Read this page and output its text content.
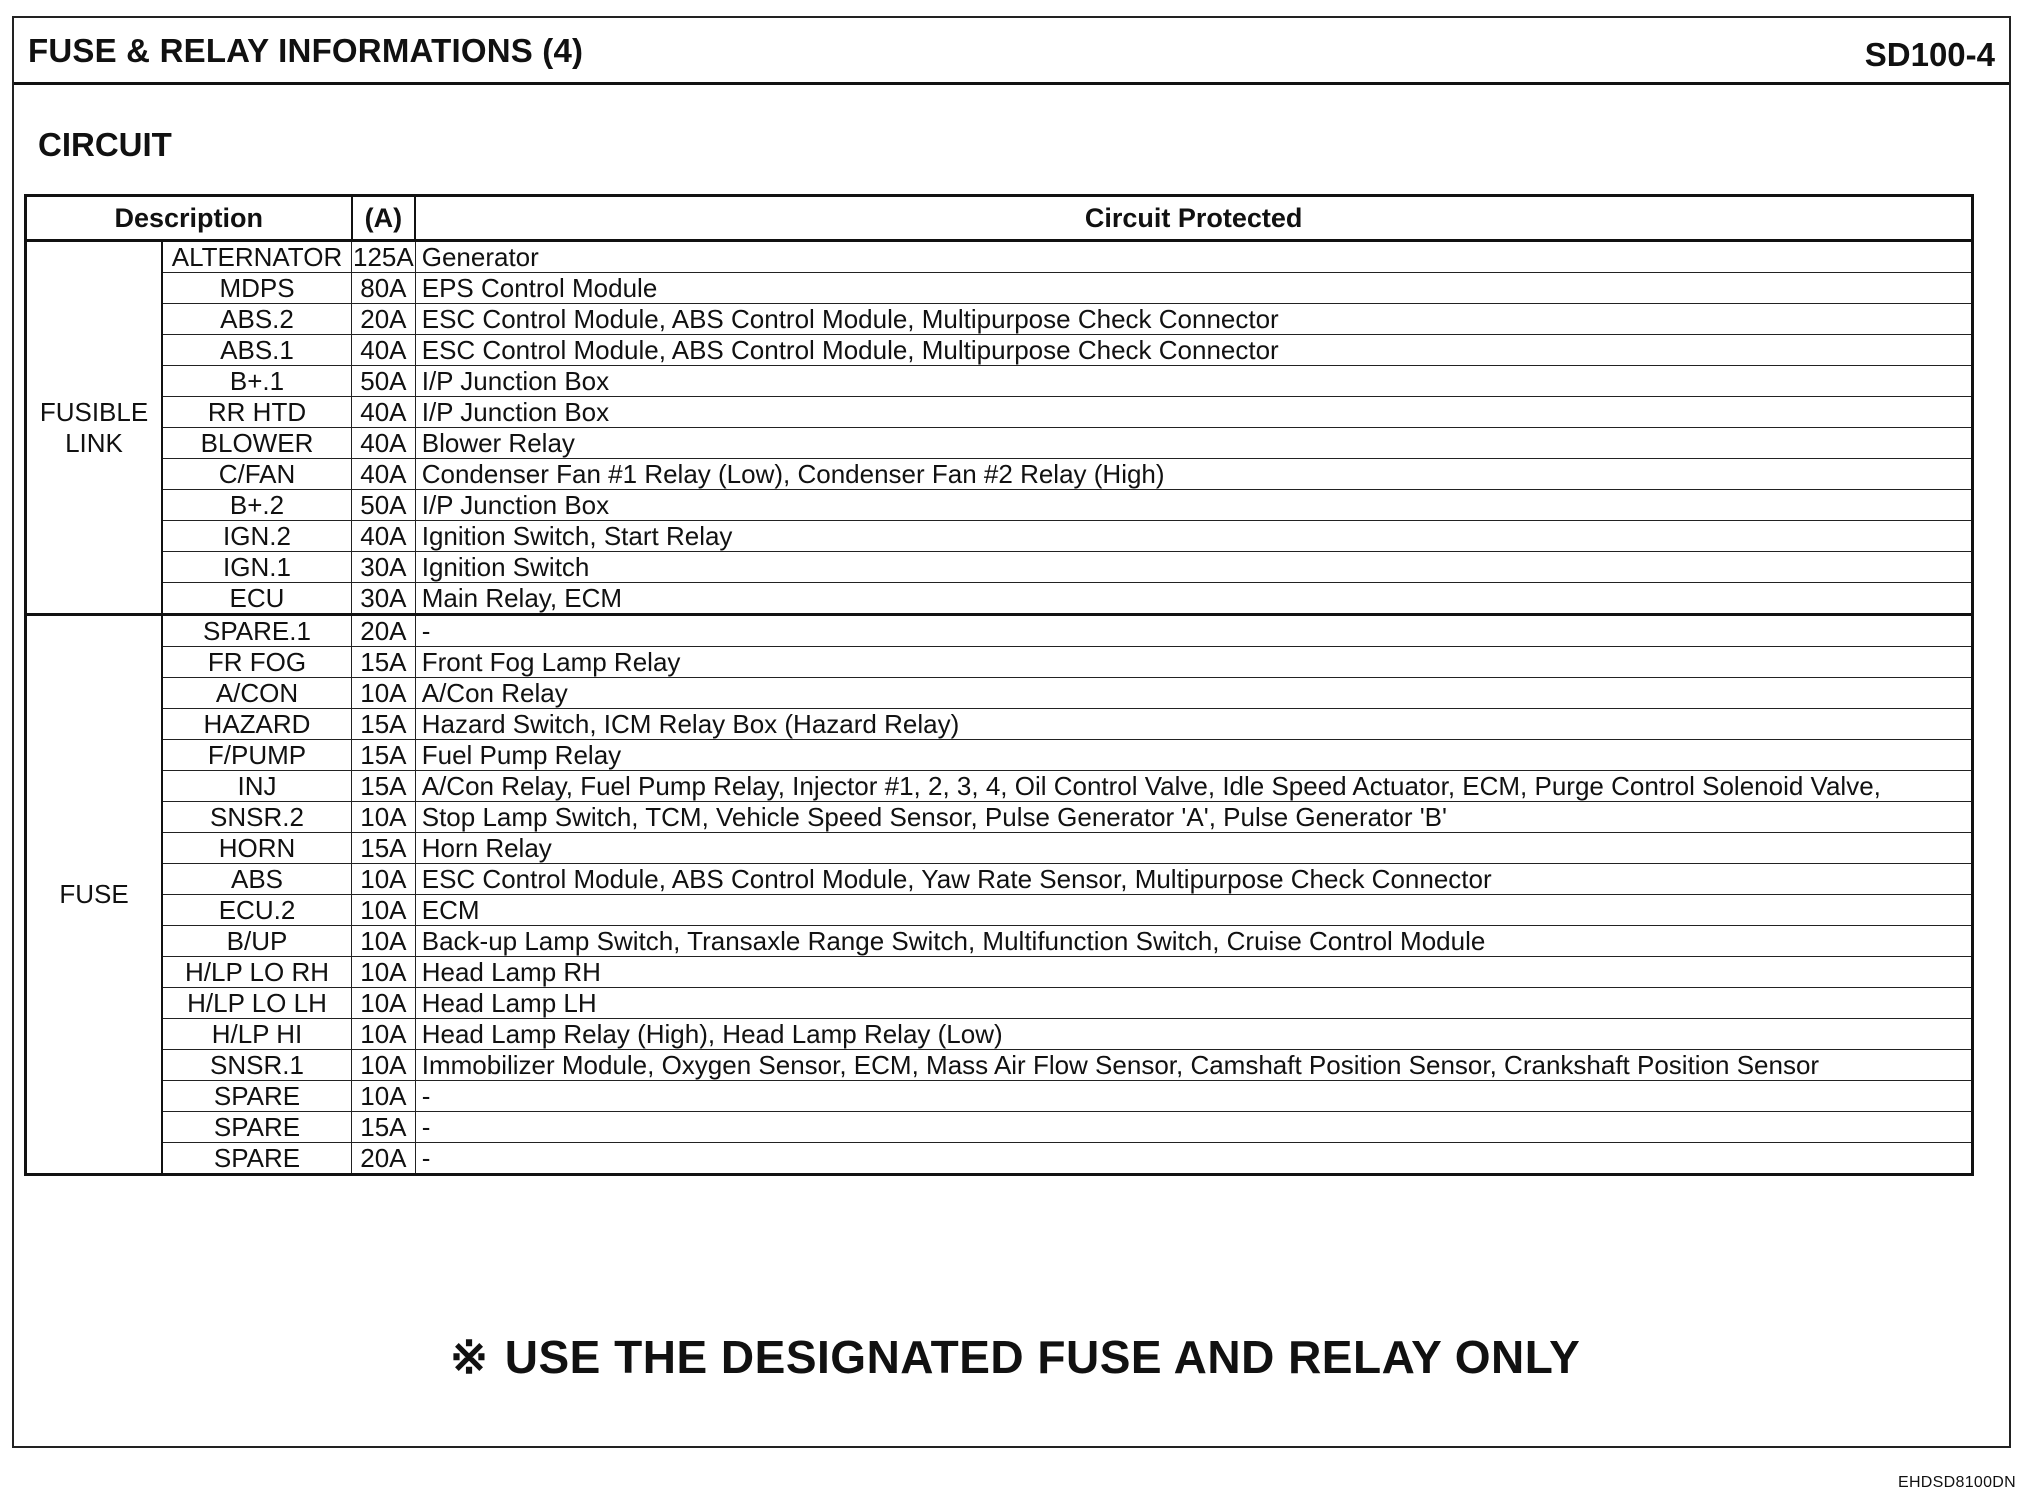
FUSE & RELAY INFORMATIONS (4)	SD100-4
CIRCUIT
Description		(A)	Circuit Protected
FUSIBLE LINK	ALTERNATOR	125A	Generator
	MDPS	80A	EPS Control Module
	ABS.2	20A	ESC Control Module, ABS Control Module, Multipurpose Check Connector
	ABS.1	40A	ESC Control Module, ABS Control Module, Multipurpose Check Connector
	B+.1	50A	I/P Junction Box
	RR HTD	40A	I/P Junction Box
	BLOWER	40A	Blower Relay
	C/FAN	40A	Condenser Fan #1 Relay (Low), Condenser Fan #2 Relay (High)
	B+.2	50A	I/P Junction Box
	IGN.2	40A	Ignition Switch, Start Relay
	IGN.1	30A	Ignition Switch
	ECU	30A	Main Relay, ECM
FUSE	SPARE.1	20A	-
	FR FOG	15A	Front Fog Lamp Relay
	A/CON	10A	A/Con Relay
	HAZARD	15A	Hazard Switch, ICM Relay Box (Hazard Relay)
	F/PUMP	15A	Fuel Pump Relay
	INJ	15A	A/Con Relay, Fuel Pump Relay, Injector #1, 2, 3, 4, Oil Control Valve, Idle Speed Actuator, ECM, Purge Control Solenoid Valve,
	SNSR.2	10A	Stop Lamp Switch, TCM, Vehicle Speed Sensor, Pulse Generator 'A', Pulse Generator 'B'
	HORN	15A	Horn Relay
	ABS	10A	ESC Control Module, ABS Control Module, Yaw Rate Sensor, Multipurpose Check Connector
	ECU.2	10A	ECM
	B/UP	10A	Back-up Lamp Switch, Transaxle Range Switch, Multifunction Switch, Cruise Control Module
	H/LP LO RH	10A	Head Lamp RH
	H/LP LO LH	10A	Head Lamp LH
	H/LP HI	10A	Head Lamp Relay (High), Head Lamp Relay (Low)
	SNSR.1	10A	Immobilizer Module, Oxygen Sensor, ECM, Mass Air Flow Sensor, Camshaft Position Sensor, Crankshaft Position Sensor
	SPARE	10A	-
	SPARE	15A	-
	SPARE	20A	-
※ USE THE DESIGNATED FUSE AND RELAY ONLY
EHDSD8100DN
